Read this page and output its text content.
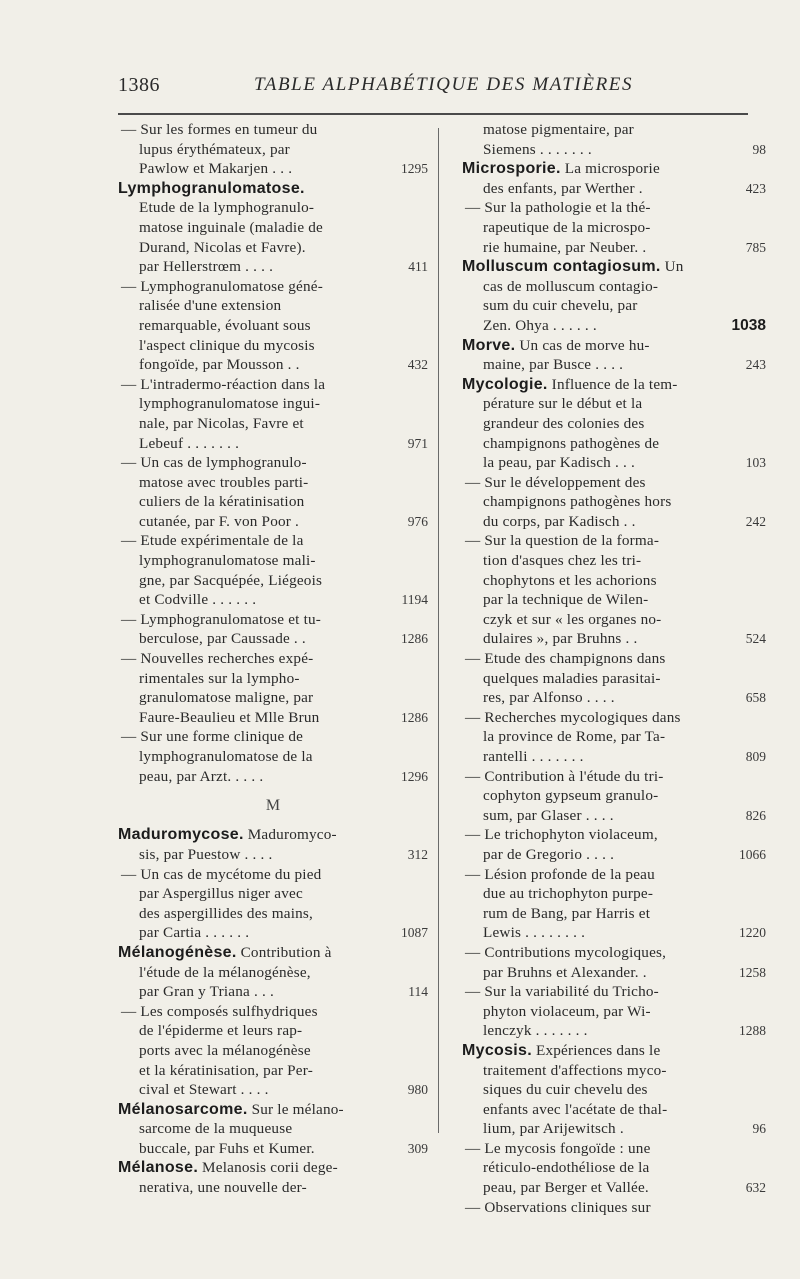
1386	TABLE ALPHABÉTIQUE DES MATIÈRES
— Sur les formes en tumeur du
lupus érythémateux, par
Pawlow et Makarjen . . .	1295
Lymphogranulomatose.
Etude de la lymphogranulo-
matose inguinale (maladie de
Durand, Nicolas et Favre).
par Hellerstrœm . . . .	411
— Lymphogranulomatose géné-
ralisée d'une extension
remarquable, évoluant sous
l'aspect clinique du mycosis
fongoïde, par Mousson . .	432
— L'intradermo-réaction dans la
lymphogranulomatose ingui-
nale, par Nicolas, Favre et
Lebeuf . . . . . . .	971
— Un cas de lymphogranulo-
matose avec troubles parti-
culiers de la kératinisation
cutanée, par F. von Poor .	976
— Etude expérimentale de la
lymphogranulomatose mali-
gne, par Sacquépée, Liégeois
et Codville . . . . . .	1194
— Lymphogranulomatose et tu-
berculose, par Caussade . .	1286
— Nouvelles recherches expé-
rimentales sur la lympho-
granulomatose maligne, par
Faure-Beaulieu et Mlle Brun	1286
— Sur une forme clinique de
lymphogranulomatose de la
peau, par Arzt. . . . .	1296
M
Maduromycose. Maduromyco-
sis, par Puestow . . . .	312
— Un cas de mycétome du pied
par Aspergillus niger avec
des aspergillides des mains,
par Cartia . . . . . .	1087
Mélanogénèse. Contribution à
l'étude de la mélanogénèse,
par Gran y Triana . . .	114
— Les composés sulfhydriques
de l'épiderme et leurs rap-
ports avec la mélanogénèse
et la kératinisation, par Per-
cival et Stewart . . . .	980
Mélanosarcome. Sur le mélano-
sarcome de la muqueuse
buccale, par Fuhs et Kumer.	309
Mélanose. Melanosis corii dege-
nerativa, une nouvelle der-
matose pigmentaire, par
Siemens . . . . . . .	98
Microsporie. La microsporie
des enfants, par Werther .	423
— Sur la pathologie et la thé-
rapeutique de la microspo-
rie humaine, par Neuber. .	785
Molluscum contagiosum. Un
cas de molluscum contagio-
sum du cuir chevelu, par
Zen. Ohya . . . . . .	1038
Morve. Un cas de morve hu-
maine, par Busce . . . .	243
Mycologie. Influence de la tem-
pérature sur le début et la
grandeur des colonies des
champignons pathogènes de
la peau, par Kadisch . . .	103
— Sur le développement des
champignons pathogènes hors
du corps, par Kadisch . .	242
— Sur la question de la forma-
tion d'asques chez les tri-
chophytons et les achorions
par la technique de Wilen-
czyk et sur « les organes no-
dulaires », par Bruhns . .	524
— Etude des champignons dans
quelques maladies parasitai-
res, par Alfonso . . . .	658
— Recherches mycologiques dans
la province de Rome, par Ta-
rantelli . . . . . . .	809
— Contribution à l'étude du tri-
cophyton gypseum granulo-
sum, par Glaser . . . .	826
— Le trichophyton violaceum,
par de Gregorio . . . .	1066
— Lésion profonde de la peau
due au trichophyton purpe-
rum de Bang, par Harris et
Lewis . . . . . . . .	1220
— Contributions mycologiques,
par Bruhns et Alexander. .	1258
— Sur la variabilité du Tricho-
phyton violaceum, par Wi-
lenczyk . . . . . . .	1288
Mycosis. Expériences dans le
traitement d'affections myco-
siques du cuir chevelu des
enfants avec l'acétate de thal-
lium, par Arijewitsch .	96
— Le mycosis fongoïde : une
réticulo-endothéliose de la
peau, par Berger et Vallée.	632
— Observations cliniques sur
